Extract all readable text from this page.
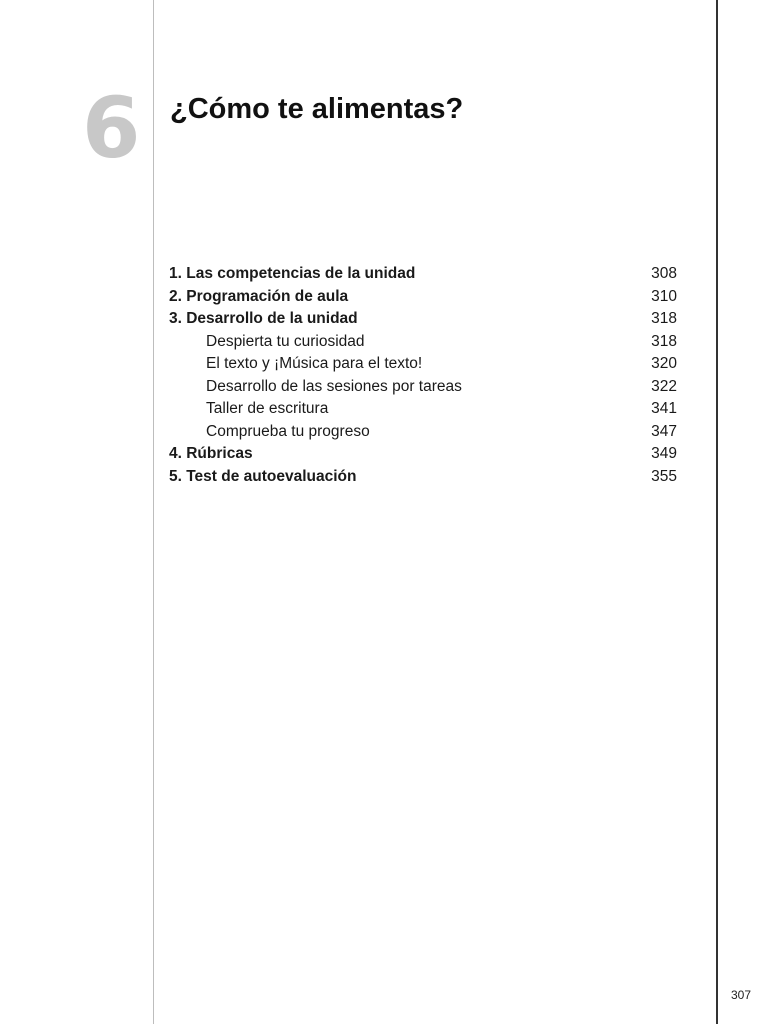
6 ¿Cómo te alimentas?
1. Las competencias de la unidad	308
2. Programación de aula	310
3. Desarrollo de la unidad	318
Despierta tu curiosidad	318
El texto y ¡Música para el texto!	320
Desarrollo de las sesiones por tareas	322
Taller de escritura	341
Comprueba tu progreso	347
4. Rúbricas	349
5. Test de autoevaluación	355
307
